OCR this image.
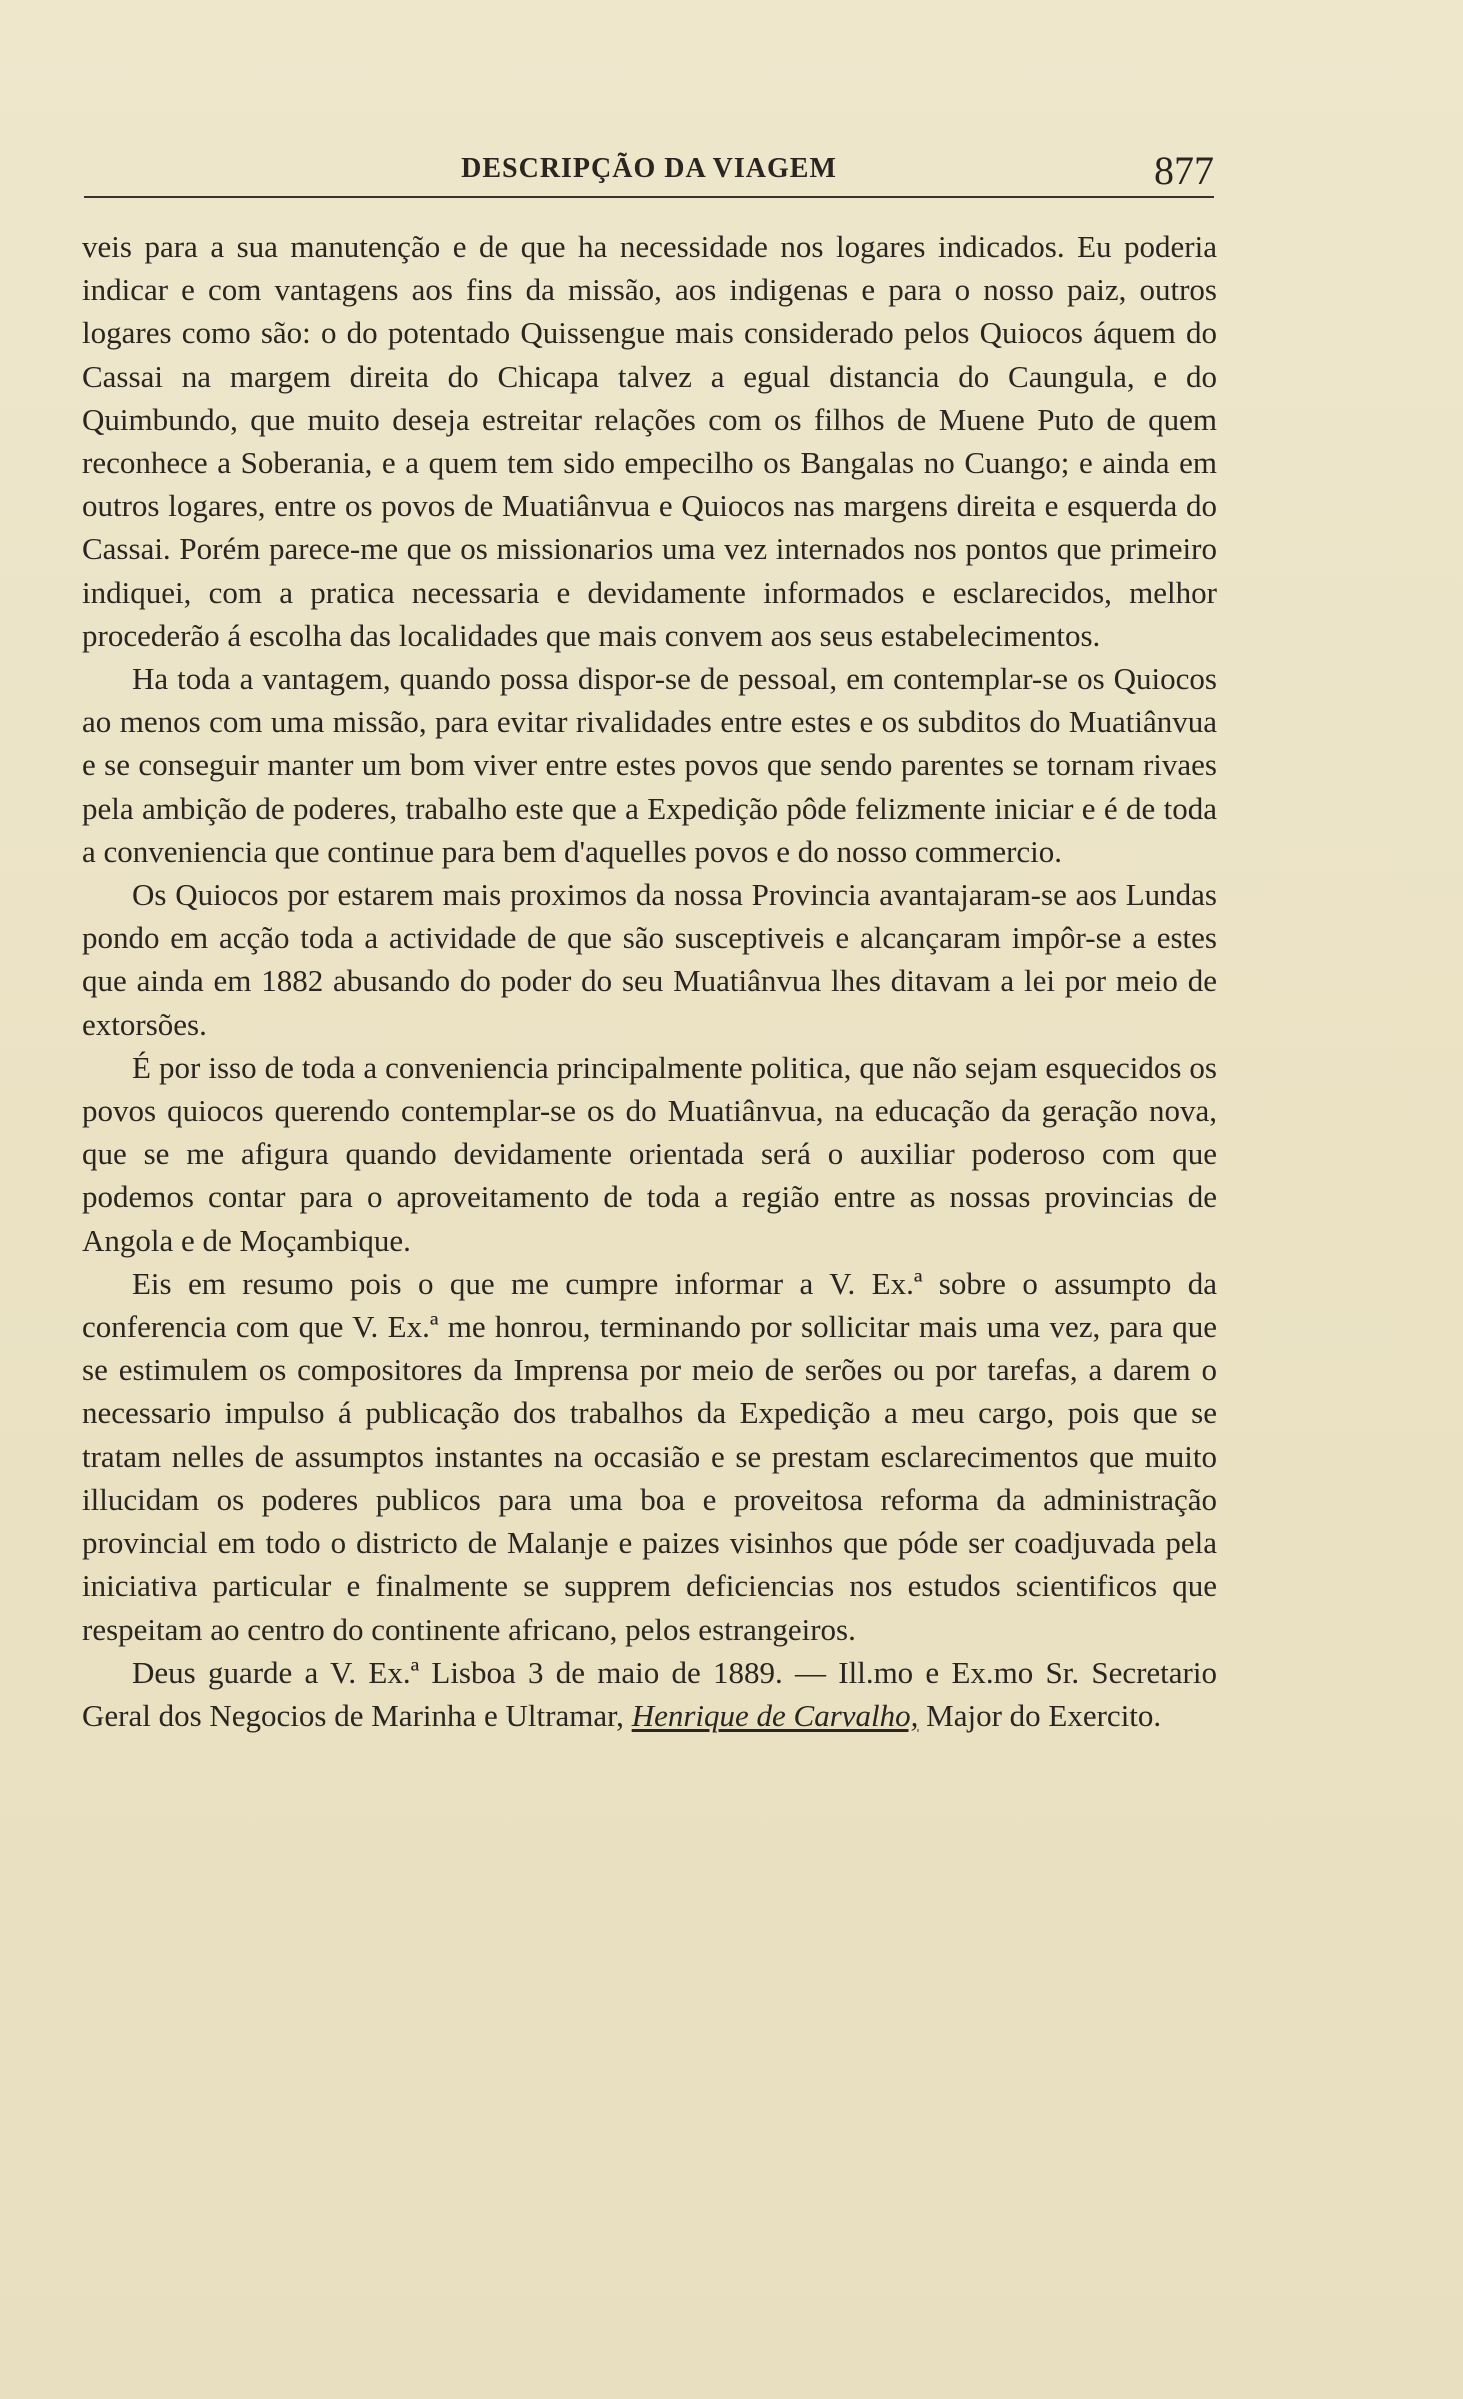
DESCRIPÇÃO DA VIAGEM	877

veis para a sua manutenção e de que ha necessidade nos logares indicados. Eu poderia indicar e com vantagens aos fins da missão, aos indigenas e para o nosso paiz, outros logares como são: o do potentado Quissengue mais considerado pelos Quiocos áquem do Cassai na margem direita do Chicapa talvez a egual distancia do Caungula, e do Quimbundo, que muito deseja estreitar relações com os filhos de Muene Puto de quem reconhece a Soberania, e a quem tem sido empecilho os Bangalas no Cuango; e ainda em outros logares, entre os povos de Muatiânvua e Quiocos nas margens direita e esquerda do Cassai. Porém parece-me que os missionarios uma vez internados nos pontos que primeiro indiquei, com a pratica necessaria e devidamente informados e esclarecidos, melhor procederão á escolha das localidades que mais convem aos seus estabelecimentos.

Ha toda a vantagem, quando possa dispor-se de pessoal, em contemplar-se os Quiocos ao menos com uma missão, para evitar rivalidades entre estes e os subditos do Muatiânvua e se conseguir manter um bom viver entre estes povos que sendo parentes se tornam rivaes pela ambição de poderes, trabalho este que a Expedição pôde felizmente iniciar e é de toda a conveniencia que continue para bem d'aquelles povos e do nosso commercio.

Os Quiocos por estarem mais proximos da nossa Provincia avantajaram-se aos Lundas pondo em acção toda a actividade de que são susceptiveis e alcançaram impôr-se a estes que ainda em 1882 abusando do poder do seu Muatiânvua lhes ditavam a lei por meio de extorsões.

É por isso de toda a conveniencia principalmente politica, que não sejam esquecidos os povos quiocos querendo contemplar-se os do Muatiânvua, na educação da geração nova, que se me afigura quando devidamente orientada será o auxiliar poderoso com que podemos contar para o aproveitamento de toda a região entre as nossas provincias de Angola e de Moçambique.

Eis em resumo pois o que me cumpre informar a V. Ex.ª sobre o assumpto da conferencia com que V. Ex.ª me honrou, terminando por sollicitar mais uma vez, para que se estimulem os compositores da Imprensa por meio de serões ou por tarefas, a darem o necessario impulso á publicação dos trabalhos da Expedição a meu cargo, pois que se tratam nelles de assumptos instantes na occasião e se prestam esclarecimentos que muito illucidam os poderes publicos para uma boa e proveitosa reforma da administração provincial em todo o districto de Malanje e paizes visinhos que póde ser coadjuvada pela iniciativa particular e finalmente se supprem deficiencias nos estudos scientificos que respeitam ao centro do continente africano, pelos estrangeiros.

Deus guarde a V. Ex.ª Lisboa 3 de maio de 1889. — Ill.mo e Ex.mo Sr. Secretario Geral dos Negocios de Marinha e Ultramar, Henrique de Carvalho, Major do Exercito.
